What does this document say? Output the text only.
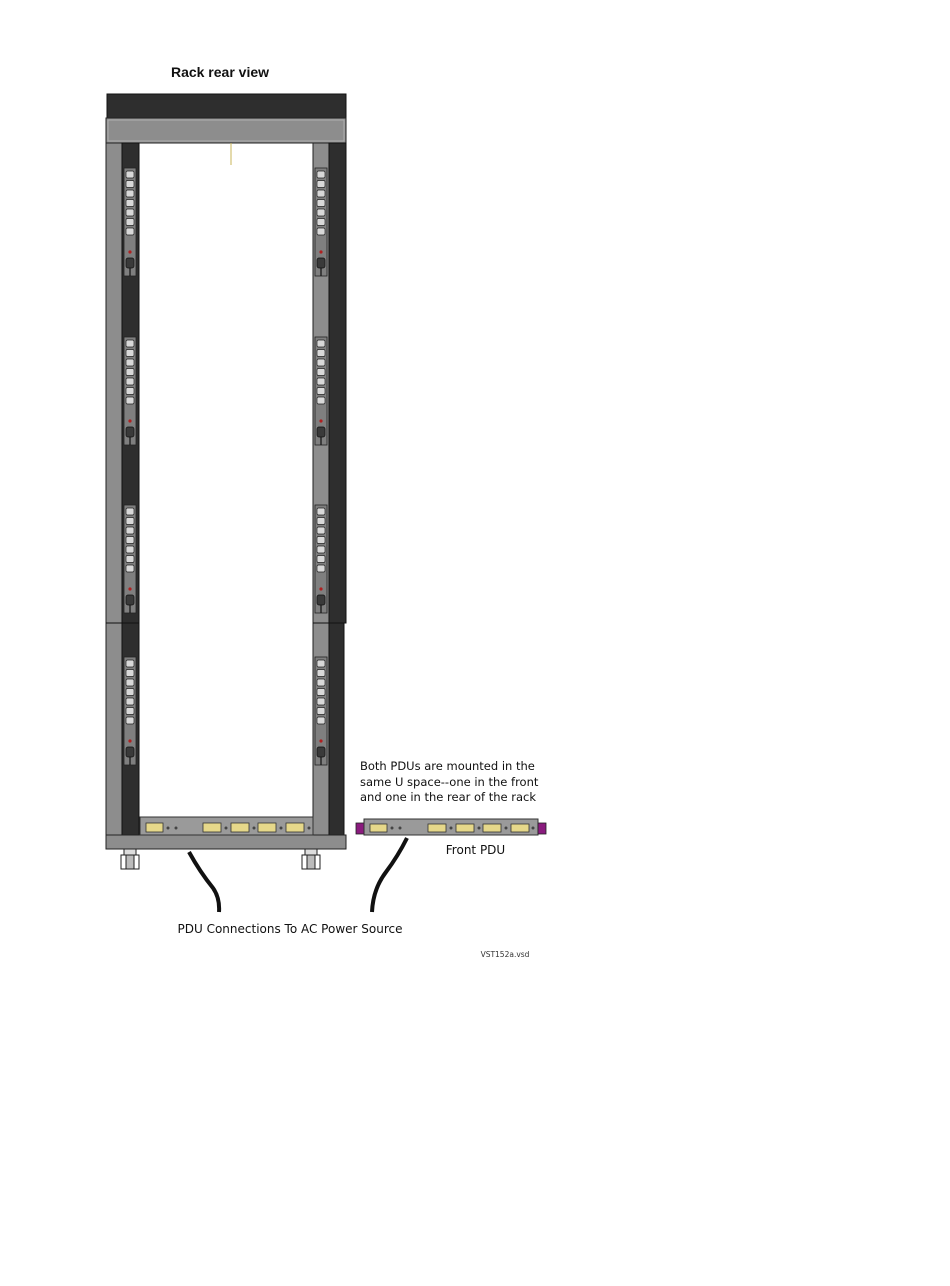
Rack rear view
Both PDUs are mounted in the
same U space--one in the front
and one in the rear of the rack
Front PDU
PDU Connections To AC Power Source
VST152a.vsd
